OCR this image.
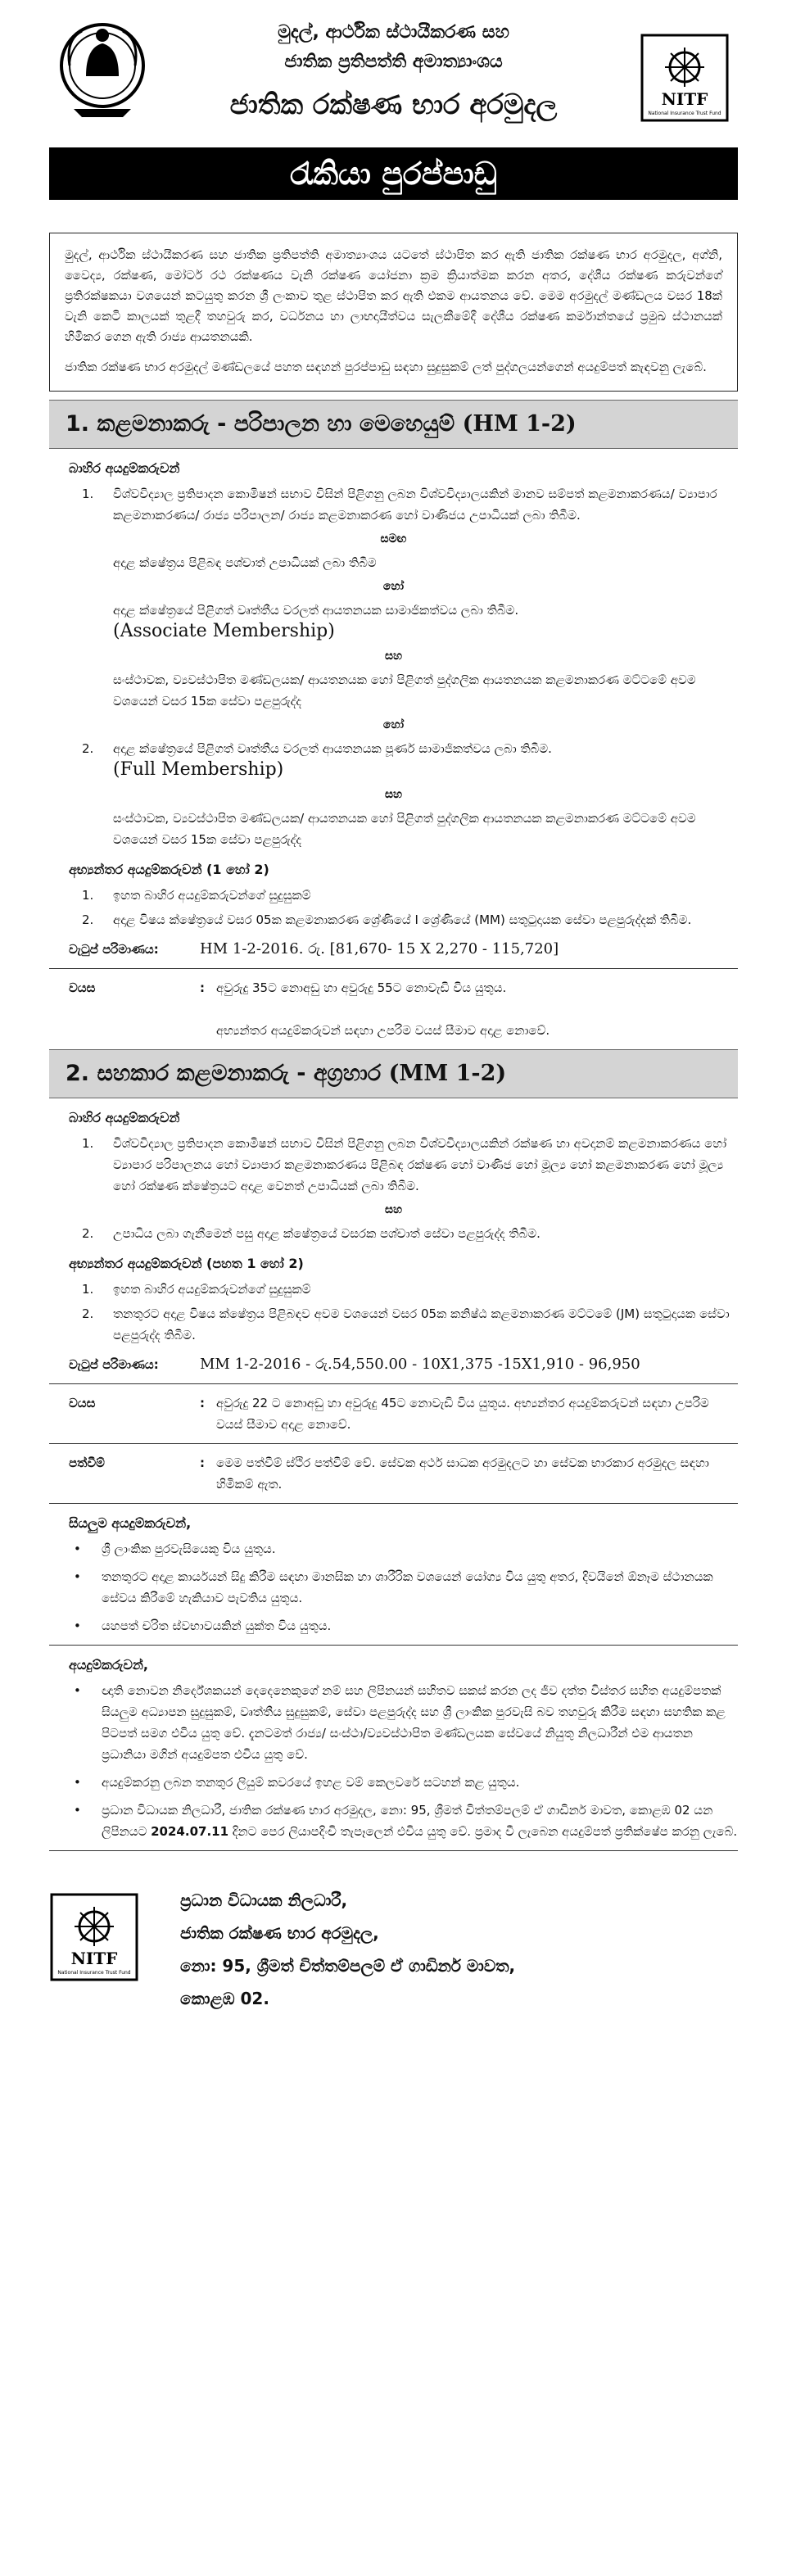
මුදල්, ආර්ථික ස්ථායීකරණ සහ
ජාතික ප්‍රතිපත්ති අමාත්‍යාංශය
ජාතික රක්ෂණ භාර අරමුදල	NITF
National Insurance Trust Fund
රැකියා පුරප්පාඩු

මුදල්, ආර්ථික ස්ථායීකරණ සහ ජාතික ප්‍රතිපත්ති අමාත්‍යාංශය යටතේ ස්ථාපිත කර ඇති ජාතික රක්ෂණ භාර අරමුදල, අග්නි, වෛද්‍ය, රක්ෂණ, මෝටර් රථ රක්ෂණය වැනි රක්ෂණ යෝජනා ක්‍රම ක්‍රියාත්මක කරන අතර, දේශීය රක්ෂණ කරුවන්ගේ ප්‍රතිරක්ෂකයා වශයෙන් කටයුතු කරන ශ්‍රී ලංකාව තුළ ස්ථාපිත කර ඇති එකම ආයතනය වේ. මෙම අරමුදල් මණ්ඩලය වසර 18ක් වැනි කෙටි කාලයක් තුළදී තහවුරු කර, වර්ධනය හා ලාභදායීත්වය සැලකීමේදී දේශීය රක්ෂණ කර්මාන්තයේ ප්‍රමුඛ ස්ථානයක් හිමිකර ගෙන ඇති රාජ්‍ය ආයතනයකි.

ජාතික රක්ෂණ භාර අරමුදල් මණ්ඩලයේ පහත සඳහන් පුරප්පාඩු සඳහා සුදුසුකම් ලත් පුද්ගලයන්ගෙන් අයදුම්පත් කැඳවනු ලැබේ.

1. කළමනාකරු - පරිපාලන හා මෙහෙයුම් (HM 1-2)
බාහිර අයදුම්කරුවන්
1.	විශ්වවිද්‍යාල ප්‍රතිපාදන කොමිෂන් සභාව විසින් පිළිගනු ලබන විශ්වවිද්‍යාලයකින් මානව සම්පත් කළමනාකරණය/ ව්‍යාපාර කළමනාකරණය/ රාජ්‍ය පරිපාලන/ රාජ්‍ය කළමනාකරණ හෝ වාණිජය උපාධියක් ලබා තිබීම.
සමඟ
අදාළ ක්ෂේත්‍රය පිළිබඳ පශ්චාත් උපාධියක් ලබා තිබීම
හෝ
අදාළ ක්ෂේත්‍රයේ පිළිගත් වෘත්තීය වරලත් ආයතනයක සාමාජිකත්වය ලබා තිබීම.
(Associate Membership)
සහ
සංස්ථාවක, ව්‍යවස්ථාපිත මණ්ඩලයක/ ආයතනයක හෝ පිළිගත් පුද්ගලික ආයතනයක කළමනාකරණ මට්ටමේ අවම වශයෙන් වසර 15ක සේවා පළපුරුද්ද
හෝ
2.	අදාළ ක්ෂේත්‍රයේ පිළිගත් වෘත්තීය වරලත් ආයතනයක පූර්ණ සාමාජිකත්වය ලබා තිබීම.
(Full Membership)
සහ
සංස්ථාවක, ව්‍යවස්ථාපිත මණ්ඩලයක/ ආයතනයක හෝ පිළිගත් පුද්ගලික ආයතනයක කළමනාකරණ මට්ටමේ අවම වශයෙන් වසර 15ක සේවා පළපුරුද්ද
අභ්‍යන්තර අයදුම්කරුවන් (1 හෝ 2)
1.	ඉහත බාහිර අයදුම්කරුවන්ගේ සුදුසුකම්
2.	අදාළ විෂය ක්ෂේත්‍රයේ වසර 05ක කළමනාකරණ ශ්‍රේණියේ I ශ්‍රේණියේ (MM) සතුටුදායක සේවා පළපුරුද්දක් තිබීම.
වැටුප් පරිමාණය:	HM 1-2-2016. රු. [81,670- 15 X 2,270 - 115,720]
වයස	: අවුරුදු 35ට නොඅඩු හා අවුරුදු 55ට නොවැඩි විය යුතුය.

අභ්‍යන්තර අයදුම්කරුවන් සඳහා උපරිම වයස් සීමාව අදාළ නොවේ.
2. සහකාර කළමනාකරු - අග්‍රහාර (MM 1-2)
බාහිර අයදුම්කරුවන්
1.	විශ්වවිද්‍යාල ප්‍රතිපාදන කොමිෂන් සභාව විසින් පිළිගනු ලබන විශ්වවිද්‍යාලයකින් රක්ෂණ හා අවදානම් කළමනාකරණය හෝ ව්‍යාපාර පරිපාලනය හෝ ව්‍යාපාර කළමනාකරණය පිළිබඳ රක්ෂණ හෝ වාණිජ හෝ මූල්‍ය හෝ කළමනාකරණ හෝ මූල්‍ය හෝ රක්ෂණ ක්ෂේත්‍රයට අදාළ වෙනත් උපාධියක් ලබා තිබීම.
සහ
2.	උපාධිය ලබා ගැනීමෙන් පසු අදාළ ක්ෂේත්‍රයේ වසරක පශ්චාත් සේවා පළපුරුද්ද තිබීම.
අභ්‍යන්තර අයදුම්කරුවන් (පහත 1 හෝ 2)
1.	ඉහත බාහිර අයදුම්කරුවන්ගේ සුදුසුකම්
2.	තනතුරට අදාළ විෂය ක්ෂේත්‍රය පිළිබඳව අවම වශයෙන් වසර 05ක කනිෂ්ඨ කළමනාකරණ මට්ටමේ (JM) සතුටුදායක සේවා පළපුරුද්ද තිබීම.
වැටුප් පරිමාණය:	MM 1-2-2016 - රු.54,550.00 - 10X1,375 -15X1,910 - 96,950
වයස	: අවුරුදු 22 ට නොඅඩු හා අවුරුදු 45ට නොවැඩි විය යුතුය. අභ්‍යන්තර අයදුම්කරුවන් සඳහා උපරිම වයස් සීමාව අදාළ නොවේ.
පත්වීම්	: මෙම පත්වීම් ස්ථිර පත්වීම් වේ. සේවක අර්ථ සාධක අරමුදලට හා සේවක භාරකාර අරමුදල සඳහා හිමිකම් ඇත.
සියලුම අයදුම්කරුවන්,
•	ශ්‍රී ලාංකික පුරවැසියෙකු විය යුතුය.
•	තනතුරට අදාළ කාර්යයන් සිදු කිරීම සඳහා මානසික හා ශාරීරික වශයෙන් යෝග්‍ය විය යුතු අතර, දිවයිනේ ඕනෑම ස්ථානයක සේවය කිරීමේ හැකියාව පැවතිය යුතුය.
•	යහපත් චරිත ස්වභාවයකින් යුක්ත විය යුතුය.
අයදුම්කරුවන්,
•	ඥාති නොවන නිර්දේශකයන් දෙදෙනෙකුගේ නම් සහ ලිපිනයන් සහිතව සකස් කරන ලද ජීව දත්ත විස්තර සහිත අයදුම්පතක් සියලුම අධ්‍යාපන සුදුසුකම්, වෘත්තීය සුදුසුකම්, සේවා පළපුරුද්ද සහ ශ්‍රී ලාංකික පුරවැසි බව තහවුරු කිරීම සඳහා සහතික කළ පිටපත් සමග එවිය යුතු වේ. දැනටමත් රාජ්‍ය/ සංස්ථා/ව්‍යවස්ථාපිත මණ්ඩලයක සේවයේ නියුතු නිලධාරීන් එම ආයතන ප්‍රධානියා මගින් අයදුම්පත එවිය යුතු වේ.
•	අයදුම්කරනු ලබන තනතුර ලියුම් කවරයේ ඉහළ වම් කෙලවරේ සටහන් කළ යුතුය.
•	ප්‍රධාන විධායක නිලධාරී, ජාතික රක්ෂණ භාර අරමුදල, නො: 95, ශ්‍රීමත් චිත්තම්පලම් ඒ ගාඩිනර් මාවත, කොළඹ 02 යන ලිපිනයට 2024.07.11 දිනට පෙර ලියාපදිංචි තැපෑලෙන් එවිය යුතු වේ. ප්‍රමාද වී ලැබෙන අයදුම්පත් ප්‍රතික්ෂේප කරනු ලැබේ.
NITF
National Insurance Trust Fund
ප්‍රධාන විධායක නිලධාරී,
ජාතික රක්ෂණ භාර අරමුදල,
නො: 95, ශ්‍රීමත් චිත්තම්පලම් ඒ ගාඩිනර් මාවත,
කොළඹ 02.
